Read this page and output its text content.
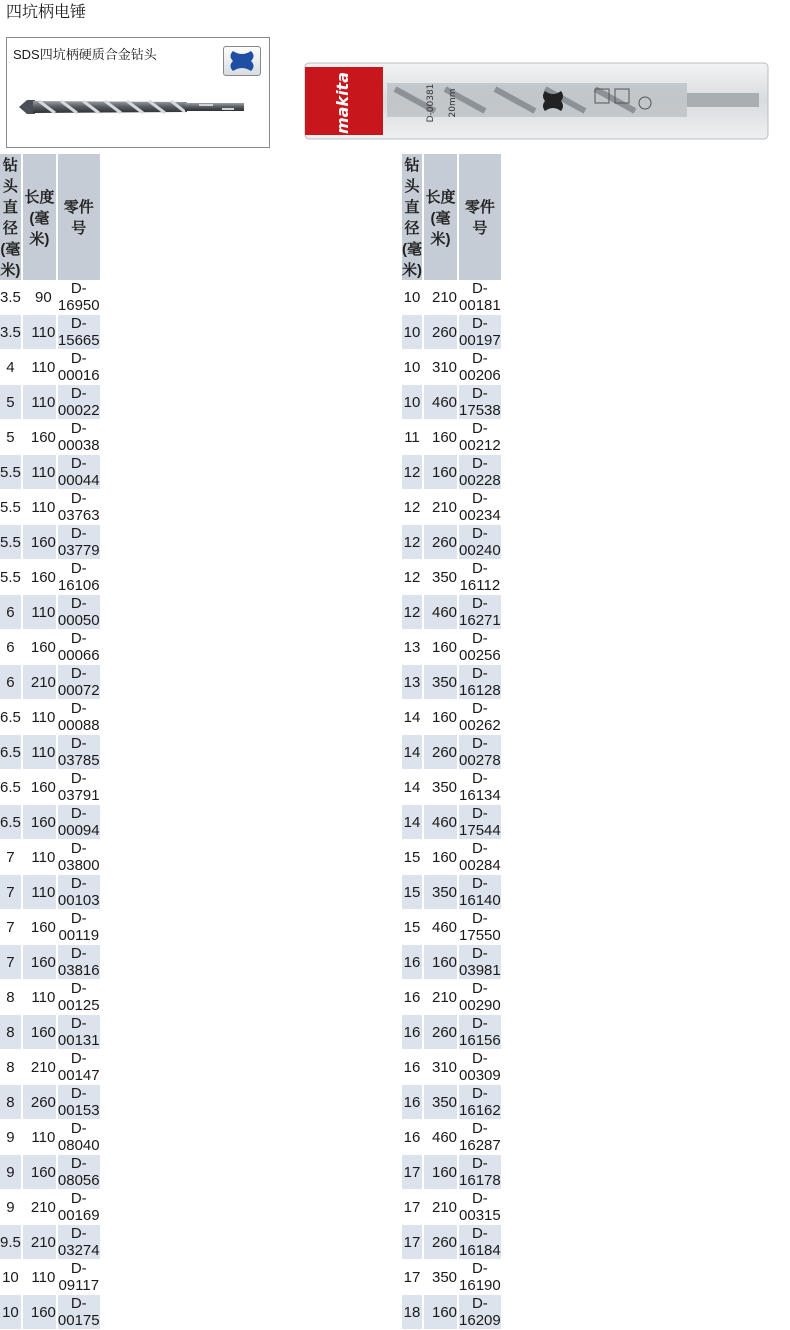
四坑柄电锤
SDS四坑柄硬质合金钻头
makita	D-00381 20mm
钻头直径(毫米)	长度(毫米)	零件号
3.5	90	D-16950
3.5	110	D-15665
4	110	D-00016
5	110	D-00022
5	160	D-00038
5.5	110	D-00044
5.5	110	D-03763
5.5	160	D-03779
5.5	160	D-16106
6	110	D-00050
6	160	D-00066
6	210	D-00072
6.5	110	D-00088
6.5	110	D-03785
6.5	160	D-03791
6.5	160	D-00094
7	110	D-03800
7	110	D-00103
7	160	D-00119
7	160	D-03816
8	110	D-00125
8	160	D-00131
8	210	D-00147
8	260	D-00153
9	110	D-08040
9	160	D-08056
9	210	D-00169
9.5	210	D-03274
10	110	D-09117
10	160	D-00175
钻头直径(毫米)	长度(毫米)	零件号
10	210	D-00181
10	260	D-00197
10	310	D-00206
10	460	D-17538
11	160	D-00212
12	160	D-00228
12	210	D-00234
12	260	D-00240
12	350	D-16112
12	460	D-16271
13	160	D-00256
13	350	D-16128
14	160	D-00262
14	260	D-00278
14	350	D-16134
14	460	D-17544
15	160	D-00284
15	350	D-16140
15	460	D-17550
16	160	D-03981
16	210	D-00290
16	260	D-16156
16	310	D-00309
16	350	D-16162
16	460	D-16287
17	160	D-16178
17	210	D-00315
17	260	D-16184
17	350	D-16190
18	160	D-16209
